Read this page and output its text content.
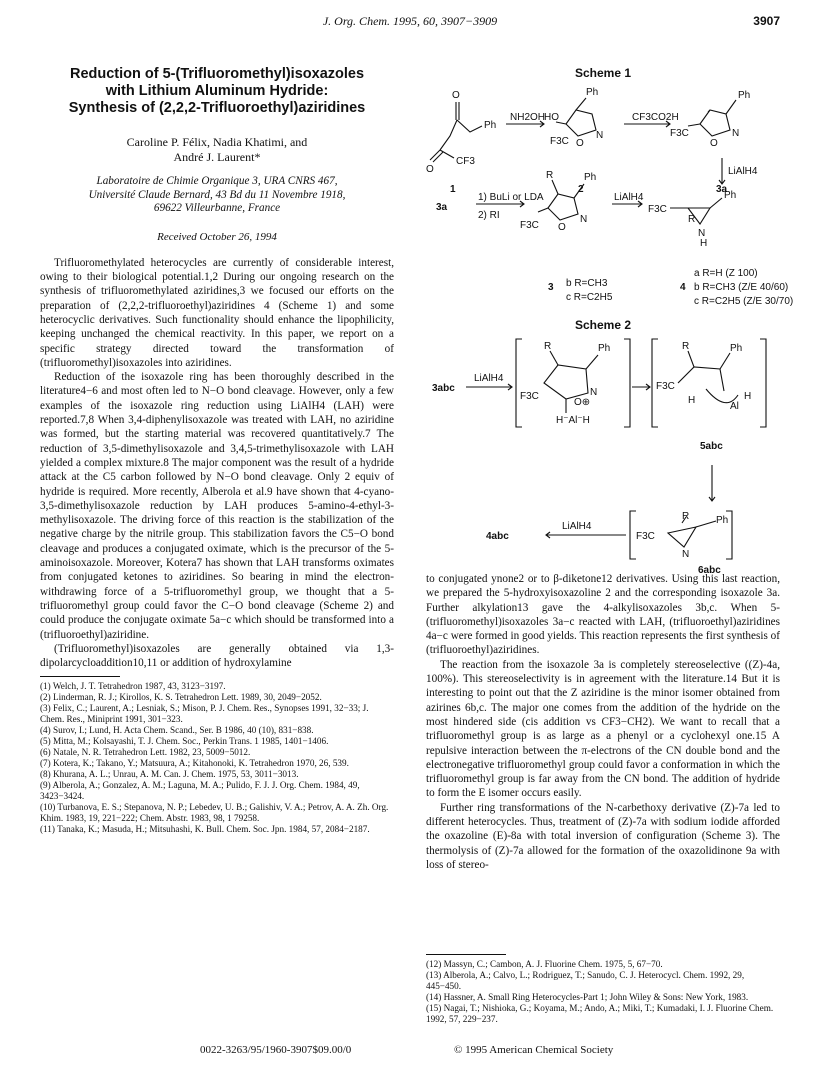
J. Org. Chem. 1995, 60, 3907−3909	3907
Reduction of 5-(Trifluoromethyl)isoxazoles
with Lithium Aluminum Hydride:
Synthesis of (2,2,2-Trifluoroethyl)aziridines
Caroline P. Félix, Nadia Khatimi, and
André J. Laurent*
Laboratoire de Chimie Organique 3, URA CNRS 467,
Université Claude Bernard, 43 Bd du 11 Novembre 1918,
69622 Villeurbanne, France
Received October 26, 1994

Trifluoromethylated heterocycles are currently of considerable interest, owing to their biological potential.1,2 During our ongoing research on the synthesis of trifluoromethylated aziridines,3 we focused our efforts on the preparation of (2,2,2-trifluoroethyl)aziridines 4 (Scheme 1) and some heterocyclic derivatives. Such functionality should enhance the lipophilicity, keeping unchanged the chemical reactivity. In this paper, we report on a specific strategy directed toward the transformation of (trifluoromethyl)isoxazoles into aziridines.

Reduction of the isoxazole ring has been thoroughly described in the literature4−6 and most often led to N−O bond cleavage. However, only a few examples of the isoxazole ring reduction using LiAlH4 (LAH) were reported.7,8 When 3,4-diphenylisoxazole was treated with LAH, no aziridine was formed, but the starting material was recovered quantitatively.7 The reduction of 3,5-dimethylisoxazole and 3,4,5-trimethylisoxazole with LAH yielded a complex mixture.8 The major component was the result of a hydride attack at the C5 carbon followed by N−O bond cleavage. Only 2 equiv of hydride is required. More recently, Alberola et al.9 have shown that 4-cyano-3,5-dimethylisoxazole reduction by LAH produces 5-amino-4-ethyl-3-methylisoxazole. The driving force of this reaction is the stabilization of the negative charge by the nitrile group. This stabilization favors the C5−O bond cleavage and produces a conjugated oximate, which is the precursor of the 5-aminoisoxazole. Moreover, Kotera7 has shown that LAH transforms oximates from conjugated ketones to aziridines. So bearing in mind the electron-withdrawing force of a 5-trifluoromethyl group, we thought that a 5-trifluoromethyl group could favor the C−O bond cleavage (Scheme 2) and could produce the conjugate oximate 5a−c which should be transformed into a (trifluoroethyl)aziridine.

(Trifluoromethyl)isoxazoles are generally obtained via 1,3-dipolarcycloaddition10,11 or addition of hydroxylamine

(1) Welch, J. T. Tetrahedron 1987, 43, 3123−3197.

(2) Linderman, R. J.; Kirollos, K. S. Tetrahedron Lett. 1989, 30, 2049−2052.

(3) Felix, C.; Laurent, A.; Lesniak, S.; Mison, P. J. Chem. Res., Synopses 1991, 32−33; J. Chem. Res., Miniprint 1991, 301−323.

(4) Surov, I.; Lund, H. Acta Chem. Scand., Ser. B 1986, 40 (10), 831−838.

(5) Mitta, M.; Kolsayashi, T. J. Chem. Soc., Perkin Trans. 1 1985, 1401−1406.

(6) Natale, N. R. Tetrahedron Lett. 1982, 23, 5009−5012.

(7) Kotera, K.; Takano, Y.; Matsuura, A.; Kitahonoki, K. Tetrahedron 1970, 26, 539.

(8) Khurana, A. L.; Unrau, A. M. Can. J. Chem. 1975, 53, 3011−3013.

(9) Alberola, A.; Gonzalez, A. M.; Laguna, M. A.; Pulido, F. J. J. Org. Chem. 1984, 49, 3423−3424.

(10) Turbanova, E. S.; Stepanova, N. P.; Lebedev, U. B.; Galishiv, V. A.; Petrov, A. A. Zh. Org. Khim. 1983, 19, 221−222; Chem. Abstr. 1983, 98, 1 79258.

(11) Tanaka, K.; Masuda, H.; Mitsuhashi, K. Bull. Chem. Soc. Jpn. 1984, 57, 2084−2187.

Scheme 1
O
Ph
O
CF3
1
NH2OH	CF3CO2H
Ph
HO
F3C O
N
2
Ph
F3C
O
N
3a
LiAlH4
3a
1) BuLi or LDA
2) RI
R	Ph
F3C O
N
LiAlH4
F3C
R
Ph
N
H
3 b R=CH3
c R=C2H5
4
a R=H (Z 100)
b R=CH3 (Z/E 40/60)
c R=C2H5 (Z/E 30/70)
Scheme 2
3abc
LiAlH4
R	Ph
F3C	N
O⊕
H⁻Al⁻H
R	Ph
F3C
H
Al
H
5abc
LiAlH4
4abc	F3C
R	Ph
N
6abc

to conjugated ynone2 or to β-diketone12 derivatives. Using this last reaction, we prepared the 5-hydroxyisoxazoline 2 and the corresponding isoxazole 3a. Further alkylation13 gave the 4-alkylisoxazoles 3b,c. When 5-(trifluoromethyl)isoxazoles 3a−c reacted with LAH, (trifluoroethyl)aziridines 4a−c were formed in good yields. This reaction represents the first synthesis of (trifluoroethyl)aziridines.

The reaction from the isoxazole 3a is completely stereoselective ((Z)-4a, 100%). This stereoselectivity is in agreement with the literature.14 But it is interesting to point out that the Z aziridine is the minor isomer obtained from azirines 6b,c. The major one comes from the addition of the hydride on the most hindered side (cis addition vs CF3−CH2). We want to recall that a trifluoromethyl group is as large as a phenyl or a cyclohexyl one.15 A repulsive interaction between the π-electrons of the CN double bond and the electronegative trifluoromethyl group could favor a conformation in which the trifluoromethyl group is far away from the CN bond. The addition of hydride to form the E isomer occurs easily.

Further ring transformations of the N-carbethoxy derivative (Z)-7a led to different heterocycles. Thus, treatment of (Z)-7a with sodium iodide afforded the oxazoline (E)-8a with total inversion of configuration (Scheme 3). The thermolysis of (Z)-7a allowed for the formation of the oxazolidinone 9a with loss of stereo-

(12) Massyn, C.; Cambon, A. J. Fluorine Chem. 1975, 5, 67−70.

(13) Alberola, A.; Calvo, L.; Rodriguez, T.; Sanudo, C. J. Heterocycl. Chem. 1992, 29, 445−450.

(14) Hassner, A. Small Ring Heterocycles-Part 1; John Wiley & Sons: New York, 1983.

(15) Nagai, T.; Nishioka, G.; Koyama, M.; Ando, A.; Miki, T.; Kumadaki, I. J. Fluorine Chem. 1992, 57, 229−237.

0022-3263/95/1960-3907$09.00/0	© 1995 American Chemical Society
